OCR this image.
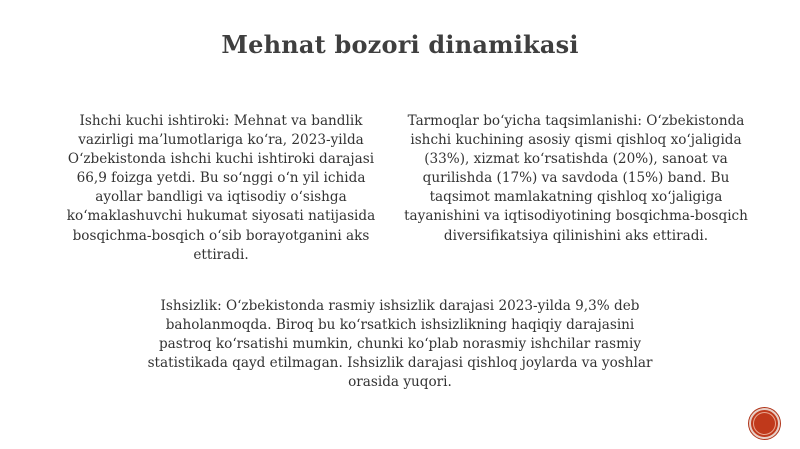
Mehnat bozori dinamikasi
Ishchi kuchi ishtiroki: Mehnat va bandlik vazirligi ma’lumotlariga ko‘ra, 2023-yilda O‘zbekistonda ishchi kuchi ishtiroki darajasi 66,9 foizga yetdi. Bu so‘nggi o‘n yil ichida ayollar bandligi va iqtisodiy o‘sishga ko‘maklashuvchi hukumat siyosati natijasida bosqichma-bosqich o‘sib borayotganini aks ettiradi.
Tarmoqlar bo‘yicha taqsimlanishi: O‘zbekistonda ishchi kuchining asosiy qismi qishloq xo‘jaligida (33%), xizmat ko‘rsatishda (20%), sanoat va qurilishda (17%) va savdoda (15%) band. Bu taqsimot mamlakatning qishloq xo‘jaligiga tayanishini va iqtisodiyotining bosqichma-bosqich diversifikatsiya qilinishini aks ettiradi.
Ishsizlik: O‘zbekistonda rasmiy ishsizlik darajasi 2023-yilda 9,3% deb baholanmoqda. Biroq bu ko‘rsatkich ishsizlikning haqiqiy darajasini pastroq ko‘rsatishi mumkin, chunki ko‘plab norasmiy ishchilar rasmiy statistikada qayd etilmagan. Ishsizlik darajasi qishloq joylarda va yoshlar orasida yuqori.
